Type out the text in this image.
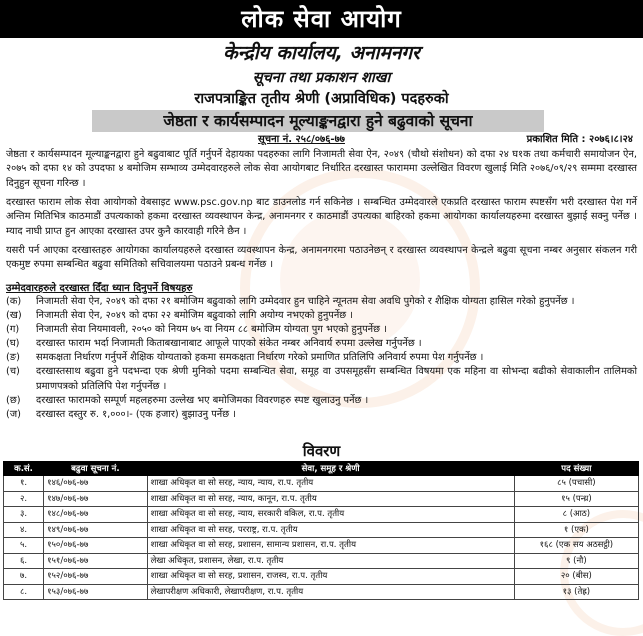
लोक सेवा आयोग
केन्द्रीय कार्यालय, अनामनगर
सूचना तथा प्रकाशन शाखा
राजपत्राङ्कित तृतीय श्रेणी (अप्राविधिक) पदहरुको
जेष्ठता र कार्यसम्पादन मूल्याङ्कनद्वारा हुने बढुवाको सूचना
सूचना नं. २५८/०७६-७७	प्रकाशित मिति : २०७६।८।२४

जेष्ठता र कार्यसम्पादन मूल्याङ्कनद्वारा हुने बढुवाबाट पूर्ति गर्नुपर्ने देहायका पदहरुका लागि निजामती सेवा ऐन, २०४९ (चौथो संशोधन) को दफा २४ घ१क तथा कर्मचारी समायोजन ऐन, २०७५ को दफा १४ को उपदफा ४ बमोजिम सम्भाव्य उम्मेदवारहरुले लोक सेवा आयोगबाट निर्धारित दरखास्त फाराममा उल्लेखित विवरण खुलाई मिति २०७६/०९/२९ सम्ममा दरखास्त दिनुहुन सूचना गरिन्छ ।

दरखास्त फाराम लोक सेवा आयोगको वेबसाइट www.psc.gov.np बाट डाउनलोड गर्न सकिनेछ । सम्बन्धित उम्मेदवारले एकप्रति दरखास्त फाराम स्पष्टसँग भरी दरखास्त पेश गर्ने अन्तिम मितिभित्र काठमाडौं उपत्यकाको हकमा दरखास्त व्यवस्थापन केन्द्र, अनामनगर र काठमाडौं उपत्यका बाहिरको हकमा आयोगका कार्यालयहरुमा दरखास्त बुझाई सक्नु पर्नेछ । म्याद नाघी प्राप्त हुन आएका दरखास्त उपर कुनै कारवाही गरिने छैन ।

यसरी पर्न आएका दरखास्तहरु आयोगका कार्यालयहरुले दरखास्त व्यवस्थापन केन्द्र, अनामनगरमा पठाउनेछन् र दरखास्त व्यवस्थापन केन्द्रले बढुवा सूचना नम्बर अनुसार संकलन गरी एकमुष्ट रुपमा सम्बन्धित बढुवा समितिको सचिवालयमा पठाउने प्रबन्ध गर्नेछ ।

उम्मेदवारहरुले दरखास्त दिँदा ध्यान दिनुपर्ने विषयहरु
(क)	निजामती सेवा ऐन, २०४९ को दफा २१ बमोजिम बढुवाको लागि उम्मेदवार हुन चाहिने न्यूनतम सेवा अवधि पुगेको र शैक्षिक योग्यता हासिल गरेको हुनुपर्नेछ ।
(ख)	निजामती सेवा ऐन, २०४९ को दफा २२ बमोजिम बढुवाको लागि अयोग्य नभएको हुनुपर्नेछ ।
(ग)	निजामती सेवा नियमावली, २०५० को नियम ७५ वा नियम ८८ बमोजिम योग्यता पुग भएको हुनुपर्नेछ ।
(घ)	दरखास्त फाराम भर्दा निजामती किताबखानाबाट आफूले पाएको संकेत नम्बर अनिवार्य रुपमा उल्लेख गर्नुपर्नेछ ।
(ङ)	समकक्षता निर्धारण गर्नुपर्ने शैक्षिक योग्यताको हकमा समकक्षता निर्धारण गरेको प्रमाणित प्रतिलिपि अनिवार्य रुपमा पेश गर्नुपर्नेछ ।
(च)	दरखास्तसाथ बढुवा हुने पदभन्दा एक श्रेणी मुनिको पदमा सम्बन्धित सेवा, समूह वा उपसमूहसँग सम्बन्धित विषयमा एक महिना वा सोभन्दा बढीको सेवाकालीन तालिमको प्रमाणपत्रको प्रतिलिपि पेश गर्नुपर्नेछ ।
(छ)	दरखास्त फारामको सम्पूर्ण महलहरुमा उल्लेख भए बमोजिमका विवरणहरु स्पष्ट खुलाउनु पर्नेछ ।
(ज)	दरखास्त दस्तुर रु. १,०००।- (एक हजार) बुझाउनु पर्नेछ ।
विवरण
क.सं.	बढुवा सूचना नं.	सेवा, समूह र श्रेणी	पद संख्या
१.	१४६/०७६-७७	शाखा अधिकृत वा सो सरह, न्याय, न्याय, रा.प. तृतीय	८५ (पचासी)
२.	१४७/०७६-७७	शाखा अधिकृत वा सो सरह, न्याय, कानून, रा.प. तृतीय	१५ (पन्ध्र)
३.	१४८/०७६-७७	शाखा अधिकृत वा सो सरह, न्याय, सरकारी वकिल, रा.प. तृतीय	८ (आठ)
४.	१४९/०७६-७७	शाखा अधिकृत वा सो सरह, परराष्ट्र, रा.प. तृतीय	१ (एक)
५.	१५०/०७६-७७	शाखा अधिकृत वा सो सरह, प्रशासन, सामान्य प्रशासन, रा.प. तृतीय	१६८ (एक सय अठसट्ठी)
६.	१५१/०७६-७७	लेखा अधिकृत, प्रशासन, लेखा, रा.प. तृतीय	९ (नौ)
७.	१५२/०७६-७७	शाखा अधिकृत वा सो सरह, प्रशासन, राजस्व, रा.प. तृतीय	२० (बीस)
८.	१५३/०७६-७७	लेखापरीक्षण अधिकारी, लेखापरीक्षण, रा.प. तृतीय	१३ (तेह्र)
